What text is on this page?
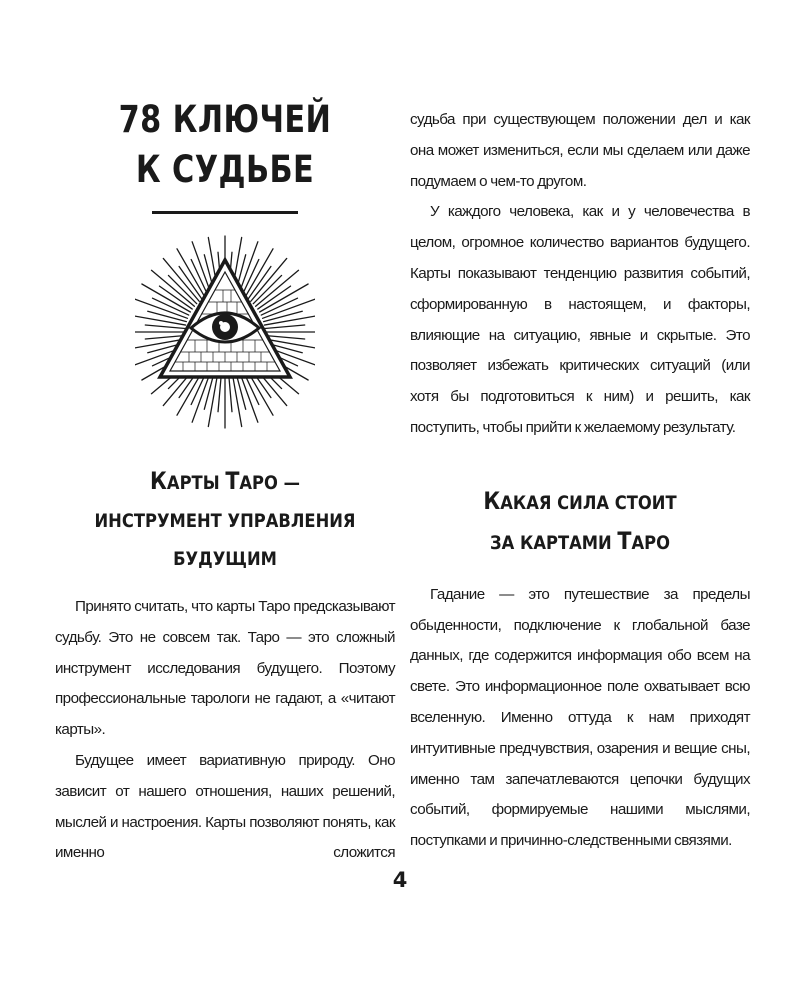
78 КЛЮЧЕЙ
К СУДЬБЕ
КАРТЫ ТАРО —
ИНСТРУМЕНТ УПРАВЛЕНИЯ
БУДУЩИМ

Принято считать, что карты Таро предсказывают судьбу. Это не совсем так. Таро — это сложный инструмент исследования будущего. Поэтому профессиональные тарологи не гадают, а «читают карты».

Будущее имеет вариативную природу. Оно зависит от нашего отношения, наших решений, мыслей и настроения. Карты позволяют понять, как именно сложится

судьба при существующем положении дел и как она может измениться, если мы сделаем или даже подумаем о чем-то другом.

У каждого человека, как и у человечества в целом, огромное количество вариантов будущего. Карты показывают тенденцию развития событий, сформированную в настоящем, и факторы, влияющие на ситуацию, явные и скрытые. Это позволяет избежать критических ситуаций (или хотя бы подготовиться к ним) и решить, как поступить, чтобы прийти к желаемому результату.

КАКАЯ СИЛА СТОИТ
ЗА КАРТАМИ ТАРО

Гадание — это путешествие за пределы обыденности, подключение к глобальной базе данных, где содержится информация обо всем на свете. Это информационное поле охватывает всю вселенную. Именно оттуда к нам приходят интуитивные предчувствия, озарения и вещие сны, именно там запечатлеваются цепочки будущих событий, формируемые нашими мыслями, поступками и причинно-следственными связями.

4
